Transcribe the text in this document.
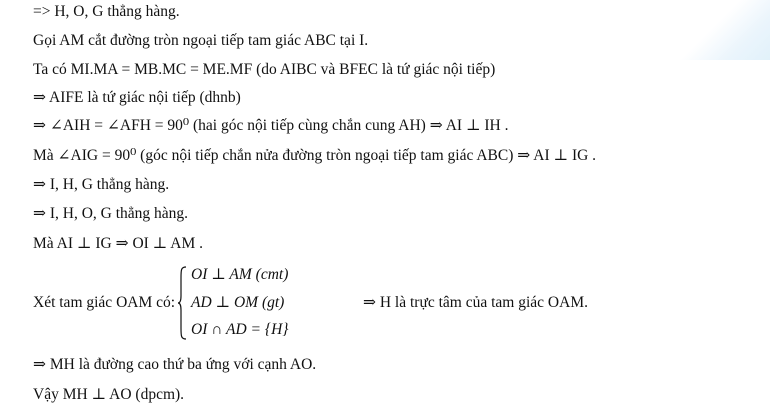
=> H, O, G thẳng hàng.
Gọi AM cắt đường tròn ngoại tiếp tam giác ABC tại I.
Ta có MI.MA = MB.MC = ME.MF (do AIBC và BFEC là tứ giác nội tiếp)
⇒ AIFE là tứ giác nội tiếp (dhnb)
⇒ ∠AIH = ∠AFH = 90⁰ (hai góc nội tiếp cùng chắn cung AH) ⇒ AI ⊥ IH .
Mà ∠AIG = 90⁰ (góc nội tiếp chắn nửa đường tròn ngoại tiếp tam giác ABC) ⇒ AI ⊥ IG .
⇒ I, H, G thẳng hàng.
⇒ I, H, O, G thẳng hàng.
Mà AI ⊥ IG ⇒ OI ⊥ AM .
Xét tam giác OAM có:
OI ⊥ AM (cmt)
AD ⊥ OM (gt)
OI ∩ AD = {H}
⇒ H là trực tâm của tam giác OAM.
⇒ MH là đường cao thứ ba ứng với cạnh AO.
Vậy MH ⊥ AO (dpcm).
